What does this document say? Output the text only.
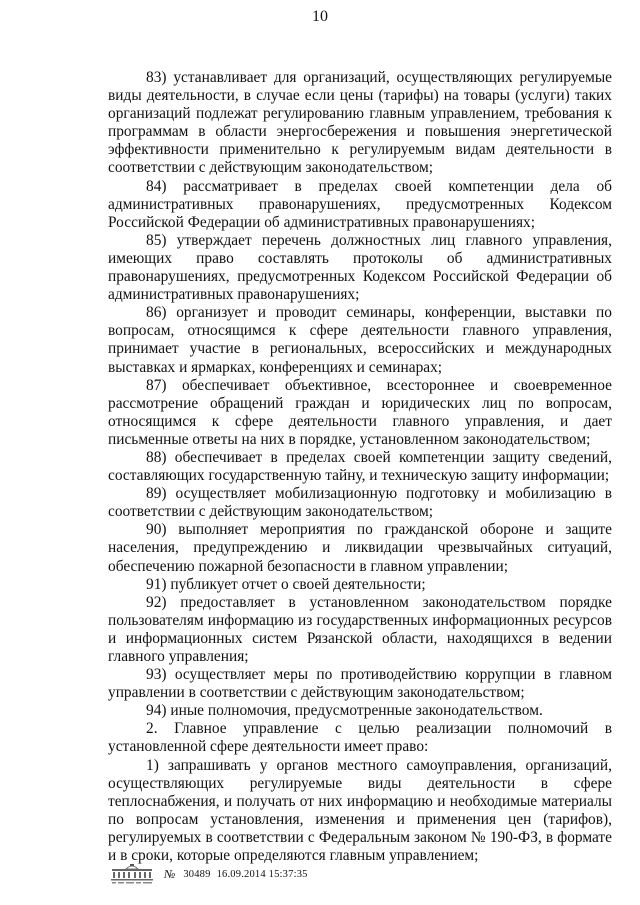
10

83) устанавливает для организаций, осуществляющих регулируемые виды деятельности, в случае если цены (тарифы) на товары (услуги) таких организаций подлежат регулированию главным управлением, требования к программам в области энергосбережения и повышения энергетической эффективности применительно к регулируемым видам деятельности в соответствии с действующим законодательством;

84) рассматривает в пределах своей компетенции дела об административных правонарушениях, предусмотренных Кодексом Российской Федерации об административных правонарушениях;

85) утверждает перечень должностных лиц главного управления, имеющих право составлять протоколы об административных правонарушениях, предусмотренных Кодексом Российской Федерации об административных правонарушениях;

86) организует и проводит семинары, конференции, выставки по вопросам, относящимся к сфере деятельности главного управления, принимает участие в региональных, всероссийских и международных выставках и ярмарках, конференциях и семинарах;

87) обеспечивает объективное, всестороннее и своевременное рассмотрение обращений граждан и юридических лиц по вопросам, относящимся к сфере деятельности главного управления, и дает письменные ответы на них в порядке, установленном законодательством;

88) обеспечивает в пределах своей компетенции защиту сведений, составляющих государственную тайну, и техническую защиту информации;

89) осуществляет мобилизационную подготовку и мобилизацию в соответствии с действующим законодательством;

90) выполняет мероприятия по гражданской обороне и защите населения, предупреждению и ликвидации чрезвычайных ситуаций, обеспечению пожарной безопасности в главном управлении;

91) публикует отчет о своей деятельности;

92) предоставляет в установленном законодательством порядке пользователям информацию из государственных информационных ресурсов и информационных систем Рязанской области, находящихся в ведении главного управления;

93) осуществляет меры по противодействию коррупции в главном управлении в соответствии с действующим законодательством;

94) иные полномочия, предусмотренные законодательством.

2. Главное управление с целью реализации полномочий в установленной сфере деятельности имеет право:

1) запрашивать у органов местного самоуправления, организаций, осуществляющих регулируемые виды деятельности в сфере теплоснабжения, и получать от них информацию и необходимые материалы по вопросам установления, изменения и применения цен (тарифов), регулируемых в соответствии с Федеральным законом № 190-ФЗ, в формате и в сроки, которые определяются главным управлением;

№ 30489 16.09.2014 15:37:35
